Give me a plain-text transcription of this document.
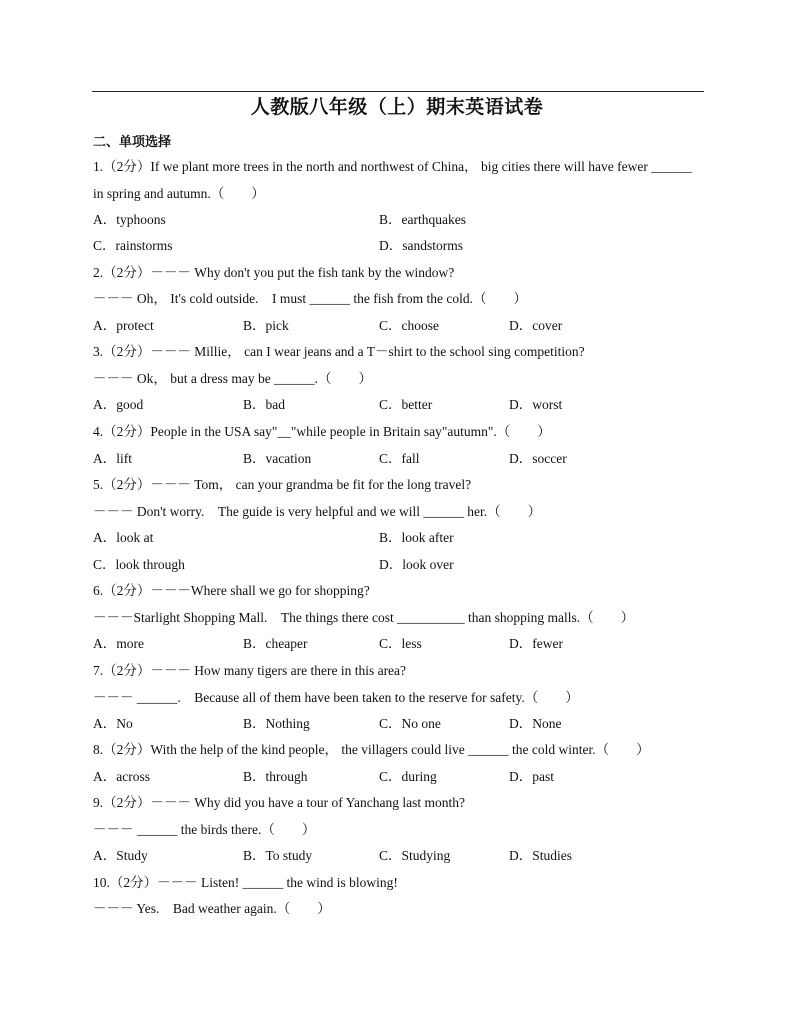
人教版八年级（上）期末英语试卷
二、单项选择
1.（2分）If we plant more trees in the north and northwest of China， big cities there will have fewer ______
in spring and autumn.（　　）
A．typhoons	B．earthquakes
C．rainstorms	D．sandstorms
2.（2分）－－－ Why don't you put the fish tank by the window?
－－－ Oh， It's cold outside.　I must ______ the fish from the cold.（　　）
A．protect	B．pick	C．choose	D．cover
3.（2分）－－－ Millie， can I wear jeans and a T－shirt to the school sing competition?
－－－ Ok， but a dress may be ______.（　　）
A．good	B．bad	C．better	D．worst
4.（2分）People in the USA say"__"while people in Britain say"autumn".（　　）
A．lift	B．vacation	C．fall	D．soccer
5.（2分）－－－ Tom， can your grandma be fit for the long travel?
－－－ Don't worry.　The guide is very helpful and we will ______ her.（　　）
A．look at	B．look after
C．look through	D．look over
6.（2分）－－－Where shall we go for shopping?
－－－Starlight Shopping Mall.　The things there cost __________ than shopping malls.（　　）
A．more	B．cheaper	C．less	D．fewer
7.（2分）－－－ How many tigers are there in this area?
－－－ ______.　Because all of them have been taken to the reserve for safety.（　　）
A．No	B．Nothing	C．No one	D．None
8.（2分）With the help of the kind people， the villagers could live ______ the cold winter.（　　）
A．across	B．through	C．during	D．past
9.（2分）－－－ Why did you have a tour of Yanchang last month?
－－－ ______ the birds there.（　　）
A．Study	B．To study	C．Studying	D．Studies
10.（2分）－－－ Listen! ______ the wind is blowing!
－－－ Yes.　Bad weather again.（　　）
